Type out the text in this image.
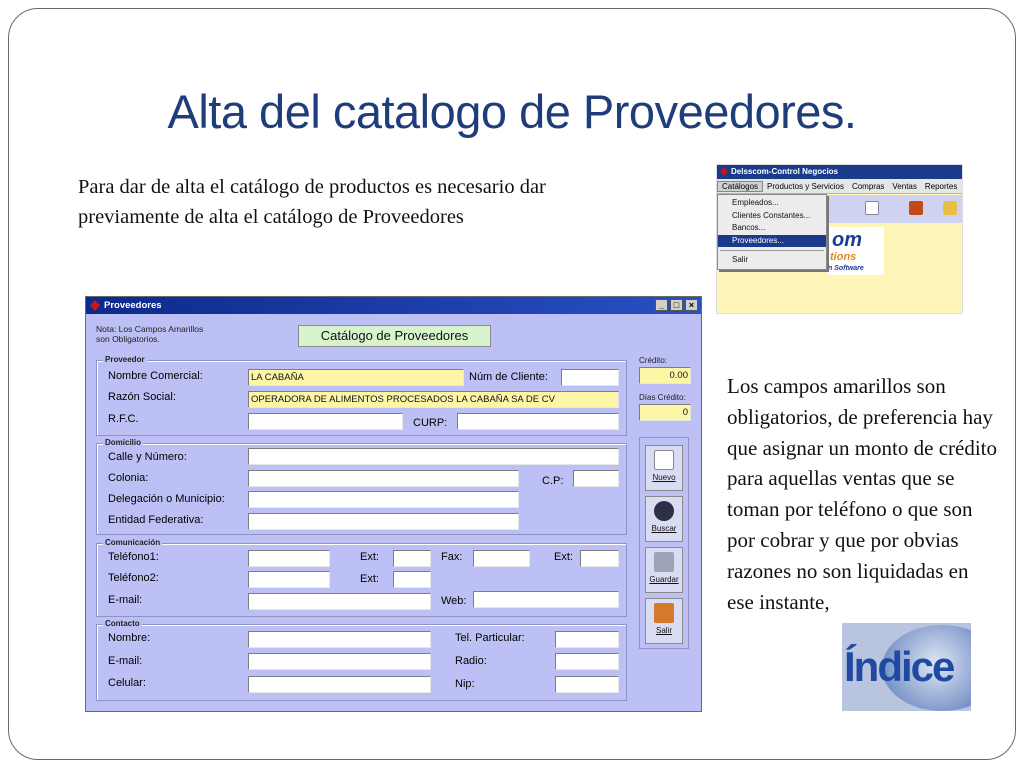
Alta del catalogo de Proveedores.
Para dar de alta el catálogo de productos es necesario dar previamente de alta el catálogo de Proveedores
Los campos amarillos son obligatorios, de preferencia hay que asignar un monto de crédito para aquellas ventas que se toman por teléfono o que son por cobrar y que por obvias razones no son liquidadas en ese instante,
Delsscom-Control Negocios
Catálogos Productos y Servicios Compras Ventas Reportes
om
tions
n Software
Empleados...
Clientes Constantes...
Bancos...
Proveedores...
Salir
Proveedores	_	□	×
Nota: Los Campos Amarillos son Obligatorios.	Catálogo de Proveedores
Proveedor
Nombre Comercial:	LA CABAÑA	Núm de Cliente:
Razón Social:	OPERADORA DE ALIMENTOS PROCESADOS LA CABAÑA SA DE CV
R.F.C.	CURP:
Crédito:
0.00
Días Crédito:
0
Domicilio
Calle y Número:
Colonia:	C.P:
Delegación o Municipio:
Entidad Federativa:
Comunicación
Teléfono1:	Ext:	Fax:	Ext:
Teléfono2:	Ext:
E-mail:	Web:
Contacto
Nombre:	Tel. Particular:
E-mail:	Radio:
Celular:	Nip:
Nuevo
Buscar
Guardar
Salir
Índice
